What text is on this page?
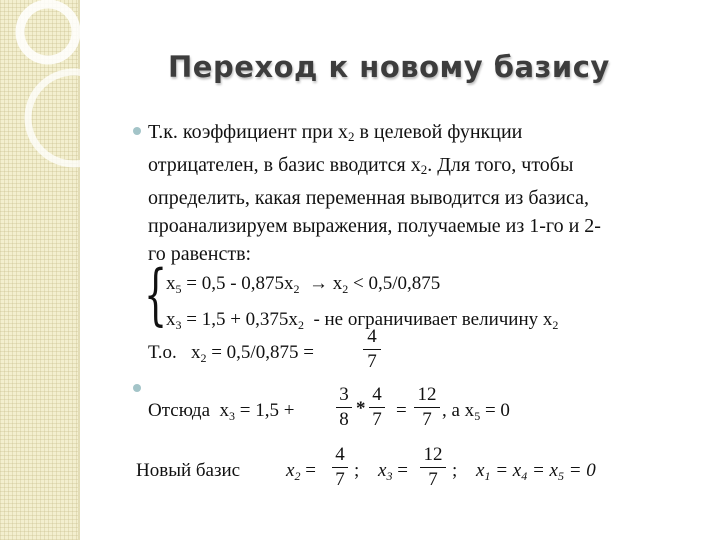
Переход к новому базису
Т.к. коэффициент при $x_2$ в целевой функции
отрицателен, в базис вводится $x_2$. Для того, чтобы
определить, какая переменная выводится из базиса,
проанализируем выражения, получаемые из 1-го и 2-
го равенств:
{
$x_5 = 0,5 - 0,875x_2 \to x_2 < 0,5/0,875$
$x_3 = 1,5 + 0,375x_2$ - не ограничивает величину $x_2$
Т.о. $x_2 = 0,5/0,875$ =
4
7
Отсюда $x_3 = 1,5$ +
3
8
*
4
7 =
12
7 , а $x_5 = 0$
Новый базис $x_2$ =
4
7 ; $x_3$ =
12
7 ; $x_1 = x_4 = x_5 = 0$
